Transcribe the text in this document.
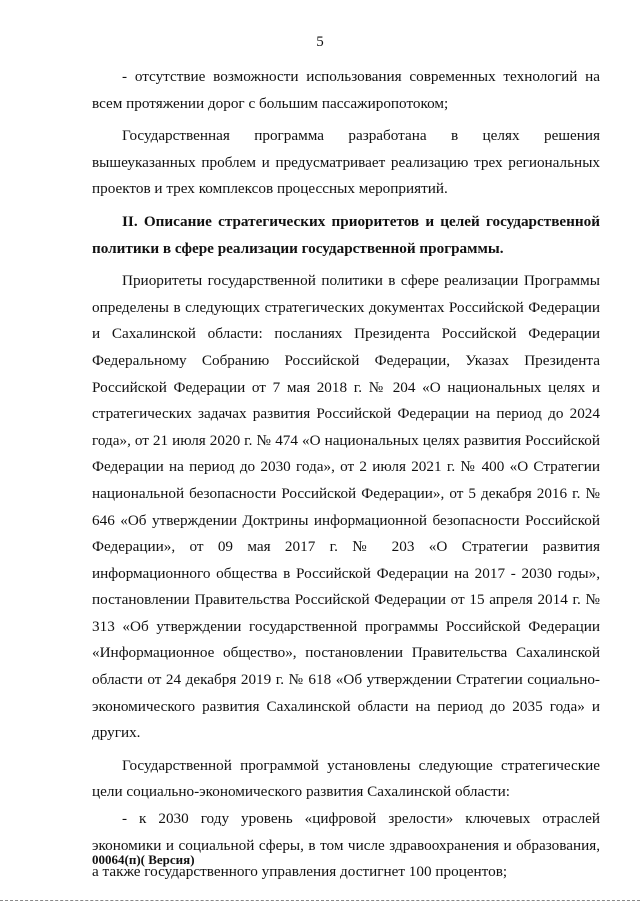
5

- отсутствие возможности использования современных технологий на всем протяжении дорог с большим пассажиропотоком;

Государственная программа разработана в целях решения вышеуказанных проблем и предусматривает реализацию трех региональных проектов и трех комплексов процессных мероприятий.

II. Описание стратегических приоритетов и целей государственной политики в сфере реализации государственной программы.

Приоритеты государственной политики в сфере реализации Программы определены в следующих стратегических документах Российской Федерации и Сахалинской области: посланиях Президента Российской Федерации Федеральному Собранию Российской Федерации, Указах Президента Российской Федерации от 7 мая 2018 г. № 204 «О национальных целях и стратегических задачах развития Российской Федерации на период до 2024 года», от 21 июля 2020 г. № 474 «О национальных целях развития Российской Федерации на период до 2030 года», от 2 июля 2021 г. № 400 «О Стратегии национальной безопасности Российской Федерации», от 5 декабря 2016 г. № 646 «Об утверждении Доктрины информационной безопасности Российской Федерации», от 09 мая 2017 г. № 203 «О Стратегии развития информационного общества в Российской Федерации на 2017 - 2030 годы», постановлении Правительства Российской Федерации от 15 апреля 2014 г. № 313 «Об утверждении государственной программы Российской Федерации «Информационное общество», постановлении Правительства Сахалинской области от 24 декабря 2019 г. № 618 «Об утверждении Стратегии социально-экономического развития Сахалинской области на период до 2035 года» и других.

Государственной программой установлены следующие стратегические цели социально-экономического развития Сахалинской области:

- к 2030 году уровень «цифровой зрелости» ключевых отраслей экономики и социальной сферы, в том числе здравоохранения и образования, а также государственного управления достигнет 100 процентов;

00064(п)( Версия)
